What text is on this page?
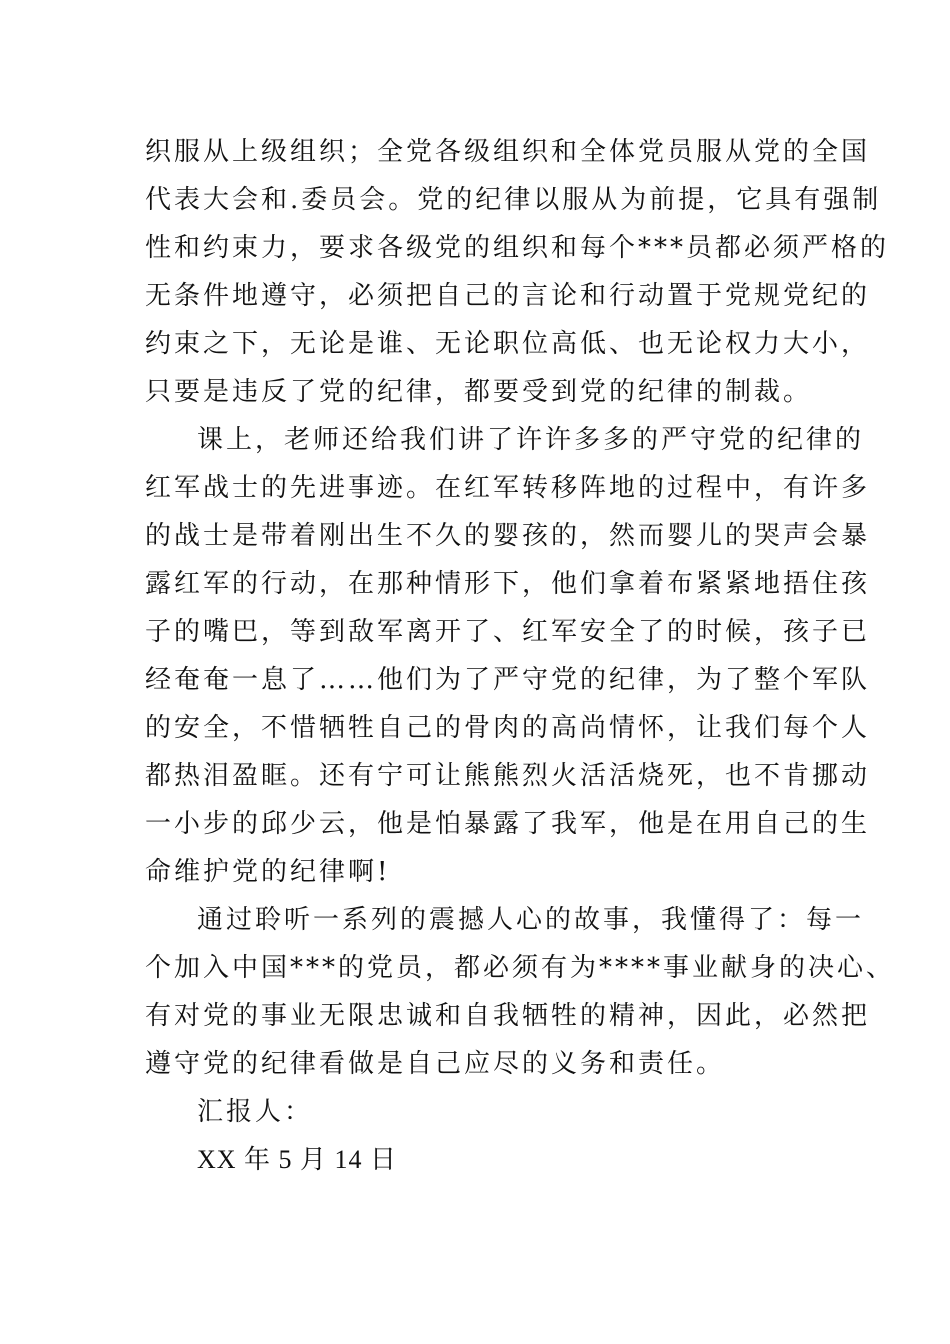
织服从上级组织；全党各级组织和全体党员服从党的全国
代表大会和.委员会。党的纪律以服从为前提，它具有强制
性和约束力，要求各级党的组织和每个***员都必须严格的
无条件地遵守，必须把自己的言论和行动置于党规党纪的
约束之下，无论是谁、无论职位高低、也无论权力大小，
只要是违反了党的纪律，都要受到党的纪律的制裁。
课上，老师还给我们讲了许许多多的严守党的纪律的
红军战士的先进事迹。在红军转移阵地的过程中，有许多
的战士是带着刚出生不久的婴孩的，然而婴儿的哭声会暴
露红军的行动，在那种情形下，他们拿着布紧紧地捂住孩
子的嘴巴，等到敌军离开了、红军安全了的时候，孩子已
经奄奄一息了……他们为了严守党的纪律，为了整个军队
的安全，不惜牺牲自己的骨肉的高尚情怀，让我们每个人
都热泪盈眶。还有宁可让熊熊烈火活活烧死，也不肯挪动
一小步的邱少云，他是怕暴露了我军，他是在用自己的生
命维护党的纪律啊!
通过聆听一系列的震撼人心的故事，我懂得了：每一
个加入中国***的党员，都必须有为****事业献身的决心、
有对党的事业无限忠诚和自我牺牲的精神，因此，必然把
遵守党的纪律看做是自己应尽的义务和责任。
汇报人：
XX 年 5 月 14 日
